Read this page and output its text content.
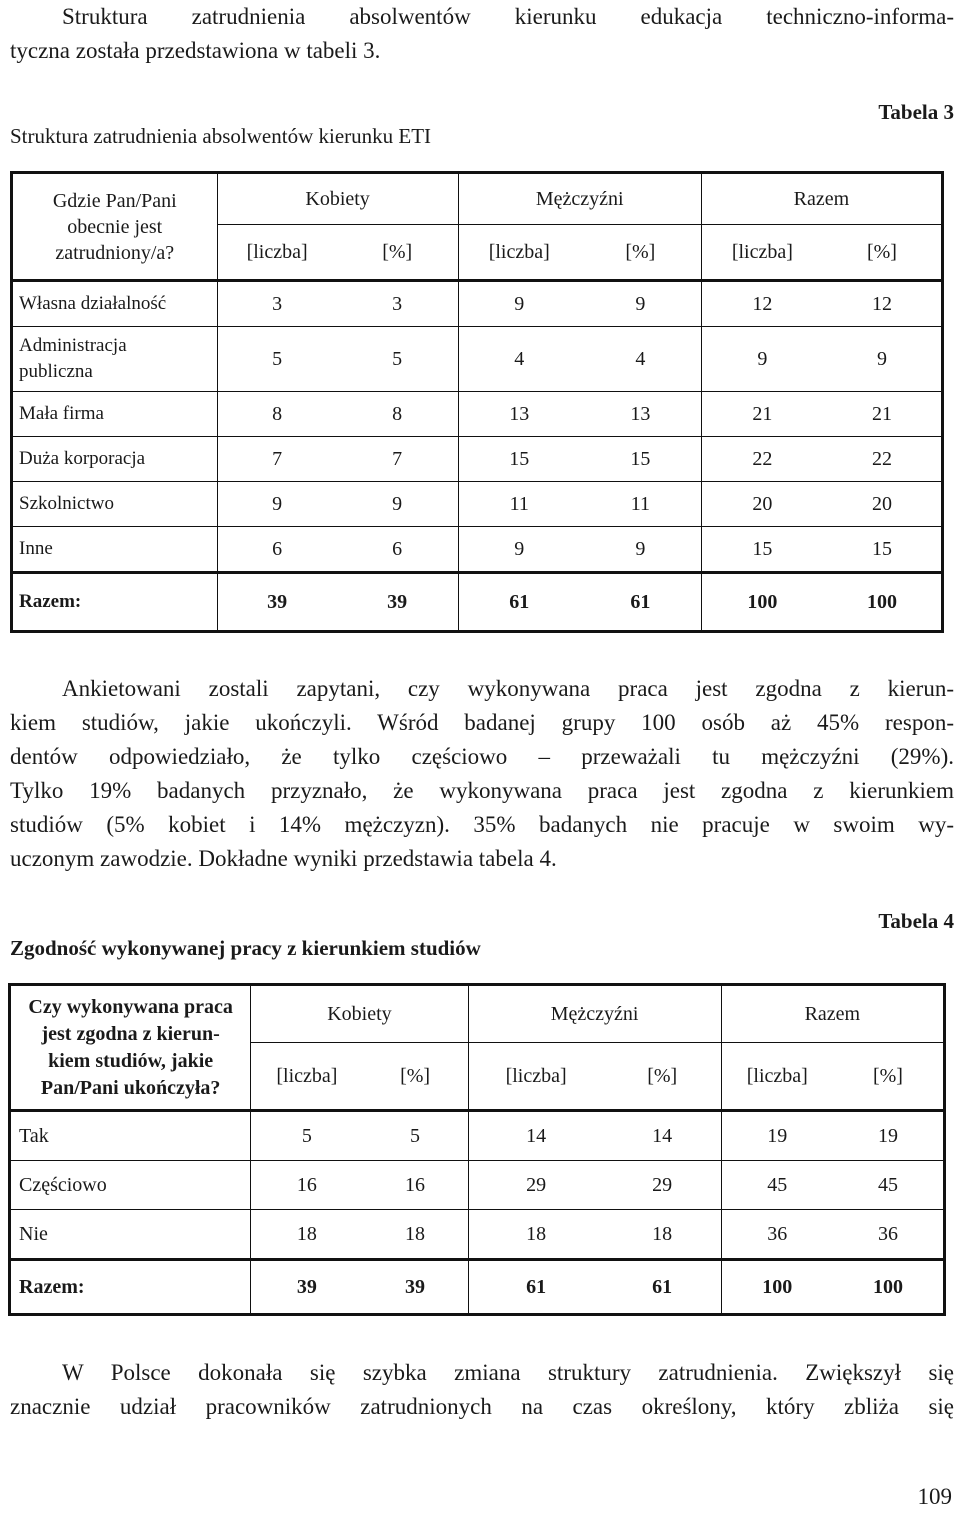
Struktura zatrudnienia absolwentów kierunku edukacja techniczno-informa-
tyczna została przedstawiona w tabeli 3.
Tabela 3
Struktura zatrudnienia absolwentów kierunku ETI
Gdzie Pan/Pani
obecnie jest
zatrudniony/a?	Kobiety		Mężczyźni		Razem	
	[liczba]	[%]	[liczba]	[%]	[liczba]	[%]

Własna działalność	3	3	9	9	12	12

Administracja
publiczna	5	5	4	4	9	9

Mała firma	8	8	13	13	21	21

Duża korporacja	7	7	15	15	22	22

Szkolnictwo	9	9	11	11	20	20

Inne	6	6	9	9	15	15
Razem:	39	39	61	61	100	100
Ankietowani zostali zapytani, czy wykonywana praca jest zgodna z kierun-
kiem studiów, jakie ukończyli. Wśród badanej grupy 100 osób aż 45% respon-
dentów odpowiedziało, że tylko częściowo – przeważali tu mężczyźni (29%).
Tylko 19% badanych przyznało, że wykonywana praca jest zgodna z kierunkiem
studiów (5% kobiet i 14% mężczyzn). 35% badanych nie pracuje w swoim wy-
uczonym zawodzie. Dokładne wyniki przedstawia tabela 4.
Tabela 4
Zgodność wykonywanej pracy z kierunkiem studiów
Czy wykonywana praca
jest zgodna z kierun-
kiem studiów, jakie
Pan/Pani ukończyła?	Kobiety		Mężczyźni		Razem	
	[liczba]	[%]	[liczba]	[%]	[liczba]	[%]
Tak	5	5	14	14	19	19
Częściowo	16	16	29	29	45	45
Nie	18	18	18	18	36	36
Razem:	39	39	61	61	100	100
W Polsce dokonała się szybka zmiana struktury zatrudnienia. Zwiększył się
znacznie udział pracowników zatrudnionych na czas określony, który zbliża się
109
